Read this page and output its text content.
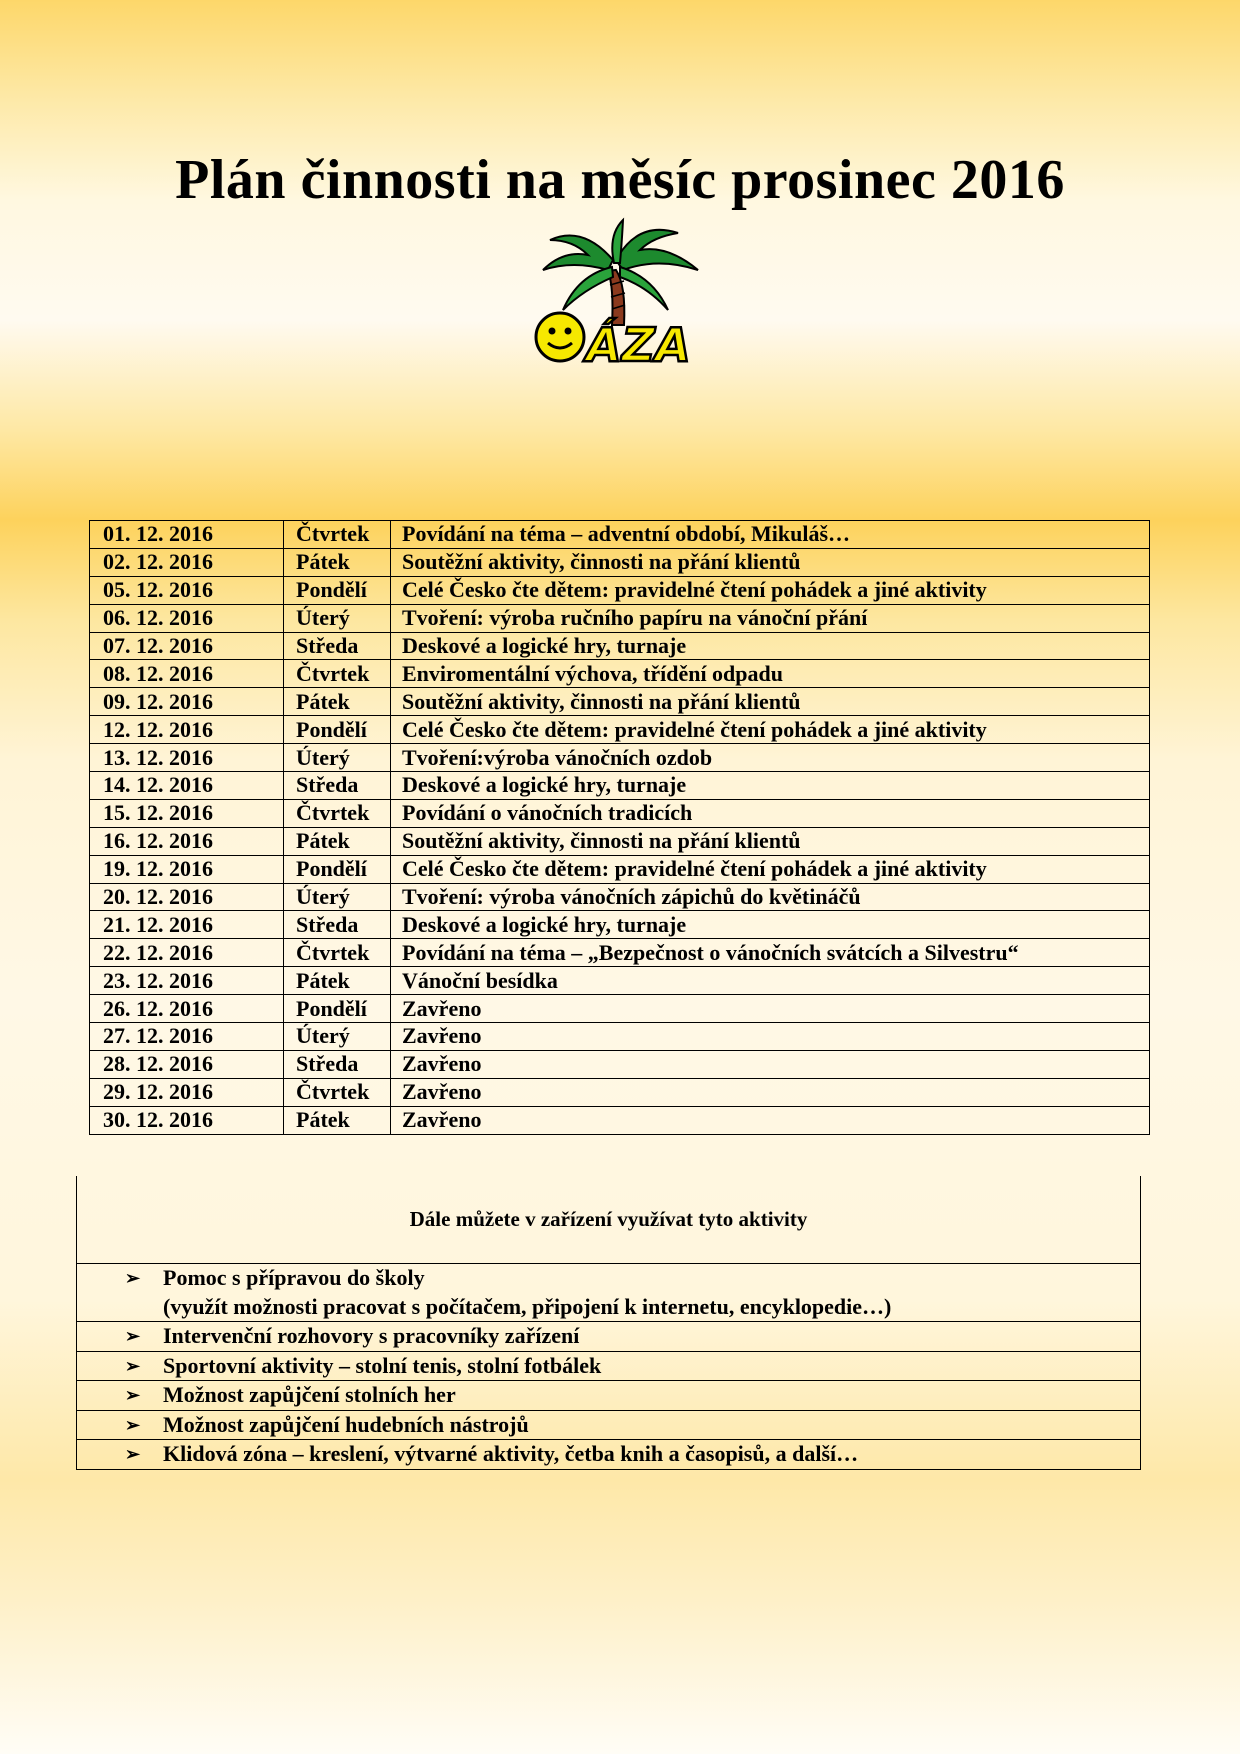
Plán činnosti na měsíc prosinec 2016
ÁZA
01. 12. 2016	Čtvrtek	Povídání na téma – adventní období, Mikuláš…
02. 12. 2016	Pátek	Soutěžní aktivity, činnosti na přání klientů
05. 12. 2016	Pondělí	Celé Česko čte dětem: pravidelné čtení pohádek a jiné aktivity
06. 12. 2016	Úterý	Tvoření: výroba ručního papíru na vánoční přání
07. 12. 2016	Středa	Deskové a logické hry, turnaje
08. 12. 2016	Čtvrtek	Enviromentální výchova, třídění odpadu
09. 12. 2016	Pátek	Soutěžní aktivity, činnosti na přání klientů
12. 12. 2016	Pondělí	Celé Česko čte dětem: pravidelné čtení pohádek a jiné aktivity
13. 12. 2016	Úterý	Tvoření:výroba vánočních ozdob
14. 12. 2016	Středa	Deskové a logické hry, turnaje
15. 12. 2016	Čtvrtek	Povídání o vánočních tradicích
16. 12. 2016	Pátek	Soutěžní aktivity, činnosti na přání klientů
19. 12. 2016	Pondělí	Celé Česko čte dětem: pravidelné čtení pohádek a jiné aktivity
20. 12. 2016	Úterý	Tvoření: výroba vánočních zápichů do květináčů
21. 12. 2016	Středa	Deskové a logické hry, turnaje
22. 12. 2016	Čtvrtek	Povídání na téma – „Bezpečnost o vánočních svátcích a Silvestru“
23. 12. 2016	Pátek	Vánoční besídka
26. 12. 2016	Pondělí	Zavřeno
27. 12. 2016	Úterý	Zavřeno
28. 12. 2016	Středa	Zavřeno
29. 12. 2016	Čtvrtek	Zavřeno
30. 12. 2016	Pátek	Zavřeno
Dále můžete v zařízení využívat tyto aktivity
➢ Pomoc s přípravou do školy
(využít možnosti pracovat s počítačem, připojení k internetu, encyklopedie…)
➢ Intervenční rozhovory s pracovníky zařízení
➢ Sportovní aktivity – stolní tenis, stolní fotbálek
➢ Možnost zapůjčení stolních her
➢ Možnost zapůjčení hudebních nástrojů
➢ Klidová zóna – kreslení, výtvarné aktivity, četba knih a časopisů, a další…
